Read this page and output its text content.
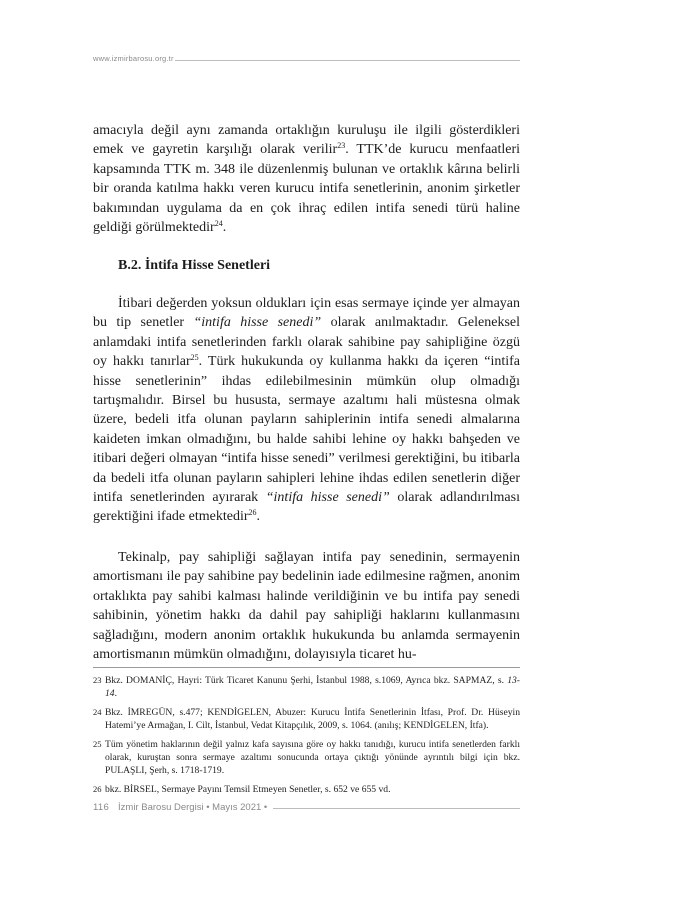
www.izmirbarosu.org.tr

amacıyla değil aynı zamanda ortaklığın kuruluşu ile ilgili gösterdikleri emek ve gayretin karşılığı olarak verilir$^{23}$. TTK’de kurucu menfaatleri kapsamında TTK m. 348 ile düzenlenmiş bulunan ve ortaklık kârına belirli bir oranda katılma hakkı veren kurucu intifa senetlerinin, anonim şirketler bakımından uygulama da en çok ihraç edilen intifa senedi türü haline geldiği görülmektedir$^{24}$.

B.2. İntifa Hisse Senetleri

İtibari değerden yoksun oldukları için esas sermaye içinde yer almayan bu tip senetler “intifa hisse senedi” olarak anılmaktadır. Geleneksel anlamdaki intifa senetlerinden farklı olarak sahibine pay sahipliğine özgü oy hakkı tanırlar$^{25}$. Türk hukukunda oy kullanma hakkı da içeren “intifa hisse senetlerinin” ihdas edilebilmesinin mümkün olup olmadığı tartışmalıdır. Birsel bu hususta, sermaye azaltımı hali müstesna olmak üzere, bedeli itfa olunan payların sahiplerinin intifa senedi almalarına kaideten imkan olmadığını, bu halde sahibi lehine oy hakkı bahşeden ve itibari değeri olmayan “intifa hisse senedi” verilmesi gerektiğini, bu itibarla da bedeli itfa olunan payların sahipleri lehine ihdas edilen senetlerin diğer intifa senetlerinden ayırarak “intifa hisse senedi” olarak adlandırılması gerektiğini ifade etmektedir$^{26}$.

Tekinalp, pay sahipliği sağlayan intifa pay senedinin, sermayenin amortismanı ile pay sahibine pay bedelinin iade edilmesine rağmen, anonim ortaklıkta pay sahibi kalması halinde verildiğinin ve bu intifa pay senedi sahibinin, yönetim hakkı da dahil pay sahipliği haklarını kullanmasını sağladığını, modern anonim ortaklık hukukunda bu anlamda sermayenin amortismanın mümkün olmadığını, dolayısıyla ticaret hu-

23 Bkz. DOMANİÇ, Hayri: Türk Ticaret Kanunu Şerhi, İstanbul 1988, s.1069, Ayrıca bkz. SAPMAZ, s. 13-14.
24 Bkz. İMREGÜN, s.477; KENDİGELEN, Abuzer: Kurucu İntifa Senetlerinin İtfası, Prof. Dr. Hüseyin Hatemi’ye Armağan, I. Cilt, İstanbul, Vedat Kitapçılık, 2009, s. 1064. (anılış; KENDİGELEN, İtfa).
25 Tüm yönetim haklarının değil yalnız kafa sayısına göre oy hakkı tanıdığı, kurucu intifa senetlerden farklı olarak, kuruştan sonra sermaye azaltımı sonucunda ortaya çıktığı yönünde ayrıntılı bilgi için bkz. PULAŞLI, Şerh, s. 1718-1719.
26 bkz. BİRSEL, Sermaye Payını Temsil Etmeyen Senetler, s. 652 ve 655 vd.
116 İzmir Barosu Dergisi • Mayıs 2021 •
